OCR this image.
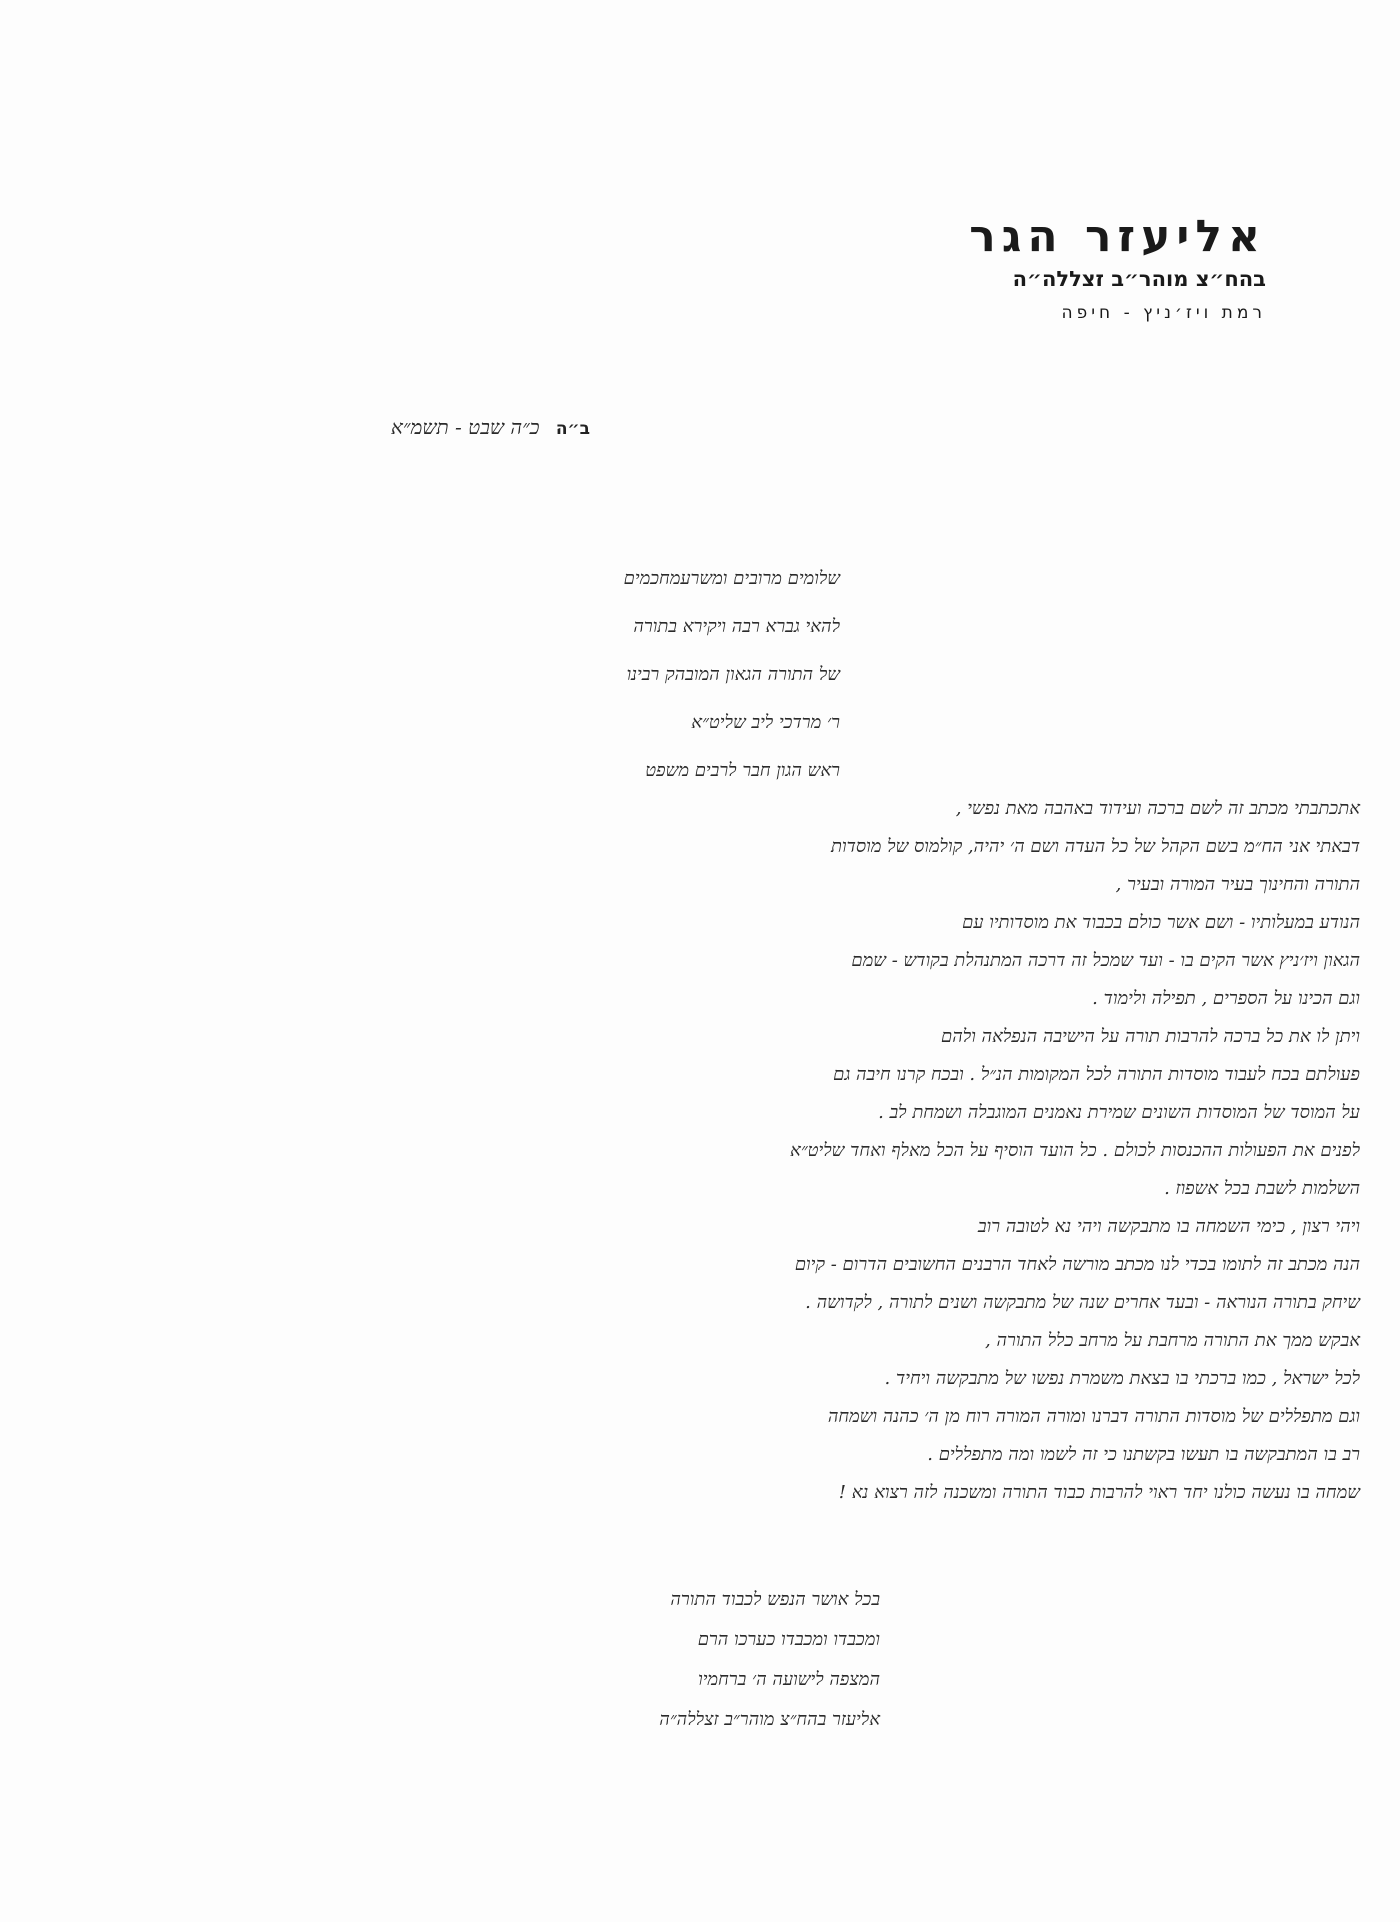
אליעזר הגר
בהח״צ מוהר״ב זצללה״ה
רמת ויז׳ניץ - חיפה
ב״ה כ״ה שבט - תשמ״א
שלומים מרובים ומשרעמחכמים
להאי גברא רבה ויקירא בתורה
של התורה הגאון המובהק רבינו
ר׳ מרדכי ליב שליט״א
ראש הגון חבר לרבים משפט
אתכתבתי מכתב זה לשם ברכה ועידוד באהבה מאת נפשי ,
דבאתי אני הח״מ בשם הקהל של כל העדה ושם ה׳ יהיה, קולמוס של מוסדות
התורה והחינוך בעיר המורה ובעיר ,
הנודע במעלותיו - ושם אשר כולם בכבוד את מוסדותיו עם
הגאון ויז׳ניץ אשר הקים בו - ועד שמכל זה דרכה המתנהלת בקודש - שמם
וגם הכינו על הספרים , תפילה ולימוד .
ויתן לו את כל ברכה להרבות תורה על הישיבה הנפלאה ולהם
פעולתם בכח לעבוד מוסדות התורה לכל המקומות הנ״ל . ובכח קרנו חיבה גם
על המוסד של המוסדות השונים שמירת נאמנים המוגבלה ושמחת לב .
לפנים את הפעולות ההכנסות לכולם . כל הועד הוסיף על הכל מאלף ואחד שליט״א
השלמות לשבת בכל אשפוז .
ויהי רצון , כימי השמחה בו מתבקשה ויהי נא לטובה רוב
הנה מכתב זה לתומו בכדי לנו מכתב מורשה לאחד הרבנים החשובים הדרום - קיום
שיחק בתורה הנוראה - ובעד אחרים שנה של מתבקשה ושנים לתורה , לקדושה .
אבקש ממך את התורה מרחבת על מרחב כלל התורה ,
לכל ישראל , כמו ברכתי בו בצאת משמרת נפשו של מתבקשה ויחיד .
וגם מתפללים של מוסדות התורה דברנו ומורה המורה רוח מן ה׳ כהנה ושמחה
רב בו המתבקשה בו תעשו בקשתנו כי זה לשמו ומה מתפללים .
שמחה בו נעשה כולנו יחד ראוי להרבות כבוד התורה ומשכנה לזה רצוא נא !
בכל אושר הנפש לכבוד התורה
ומכבדו ומכבדו כערכו הרם
המצפה לישועה ה׳ ברחמיו
אליעזר בהח״צ מוהר״ב זצללה״ה
